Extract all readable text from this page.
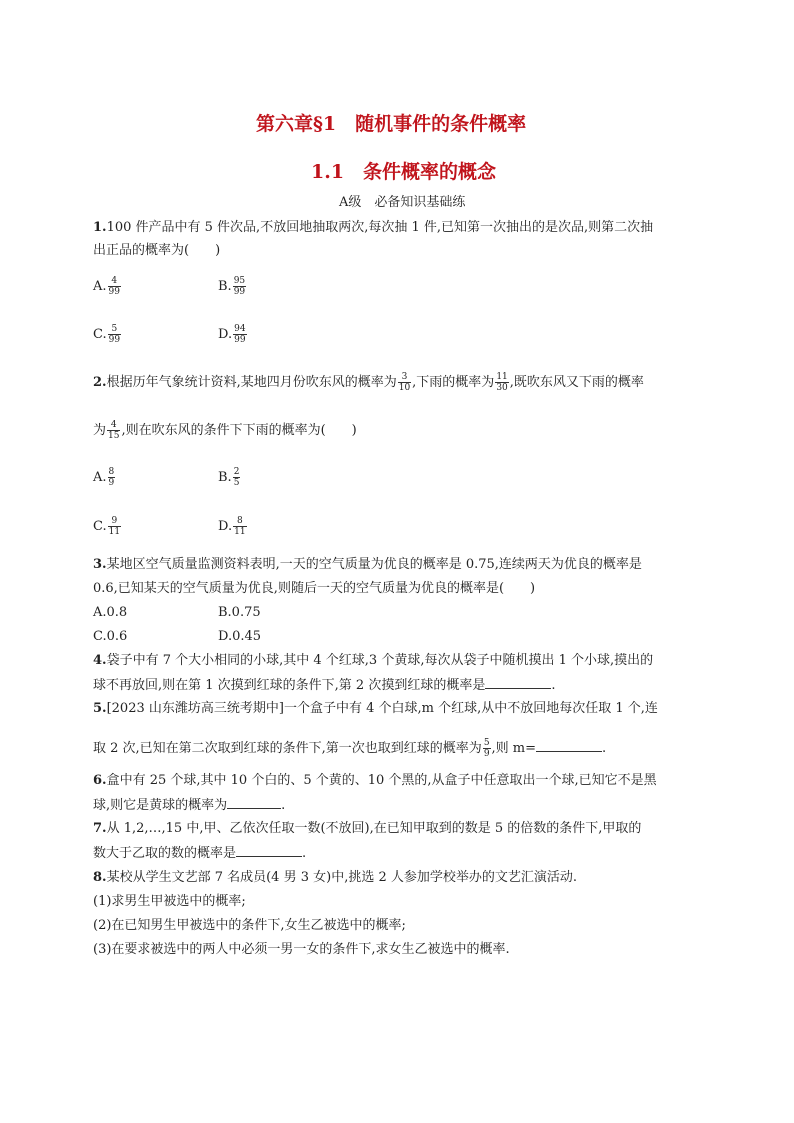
第六章§1　随机事件的条件概率
1.1　条件概率的概念
A级　必备知识基础练
1.100 件产品中有 5 件次品,不放回地抽取两次,每次抽 1 件,已知第一次抽出的是次品,则第二次抽
出正品的概率为(　　)
A. $\frac{4}{99}$	B. $\frac{95}{99}$
C. $\frac{5}{99}$	D. $\frac{94}{99}$
2.根据历年气象统计资料,某地四月份吹东风的概率为 $\frac{3}{10}$ ,下雨的概率为 $\frac{11}{30}$ ,既吹东风又下雨的概率
为 $\frac{4}{15}$ ,则在吹东风的条件下下雨的概率为(　　)
A. $\frac{8}{9}$	B. $\frac{2}{5}$
C. $\frac{9}{11}$	D. $\frac{8}{11}$
3.某地区空气质量监测资料表明,一天的空气质量为优良的概率是 0.75,连续两天为优良的概率是
0.6,已知某天的空气质量为优良,则随后一天的空气质量为优良的概率是(　　)
A.0.8	B.0.75
C.0.6	D.0.45
4.袋子中有 7 个大小相同的小球,其中 4 个红球,3 个黄球,每次从袋子中随机摸出 1 个小球,摸出的
球不再放回,则在第 1 次摸到红球的条件下,第 2 次摸到红球的概率是	.
5.[2023 山东潍坊高三统考期中]一个盒子中有 4 个白球,m 个红球,从中不放回地每次任取 1 个,连
取 2 次,已知在第二次取到红球的条件下,第一次也取到红球的概率为 $\frac{5}{9}$ ,则 m=	.
6.盒中有 25 个球,其中 10 个白的、5 个黄的、10 个黑的,从盒子中任意取出一个球,已知它不是黑
球,则它是黄球的概率为	.
7.从 1,2,…,15 中,甲、乙依次任取一数(不放回),在已知甲取到的数是 5 的倍数的条件下,甲取的
数大于乙取的数的概率是	.
8.某校从学生文艺部 7 名成员(4 男 3 女)中,挑选 2 人参加学校举办的文艺汇演活动.
(1)求男生甲被选中的概率;
(2)在已知男生甲被选中的条件下,女生乙被选中的概率;
(3)在要求被选中的两人中必须一男一女的条件下,求女生乙被选中的概率.
